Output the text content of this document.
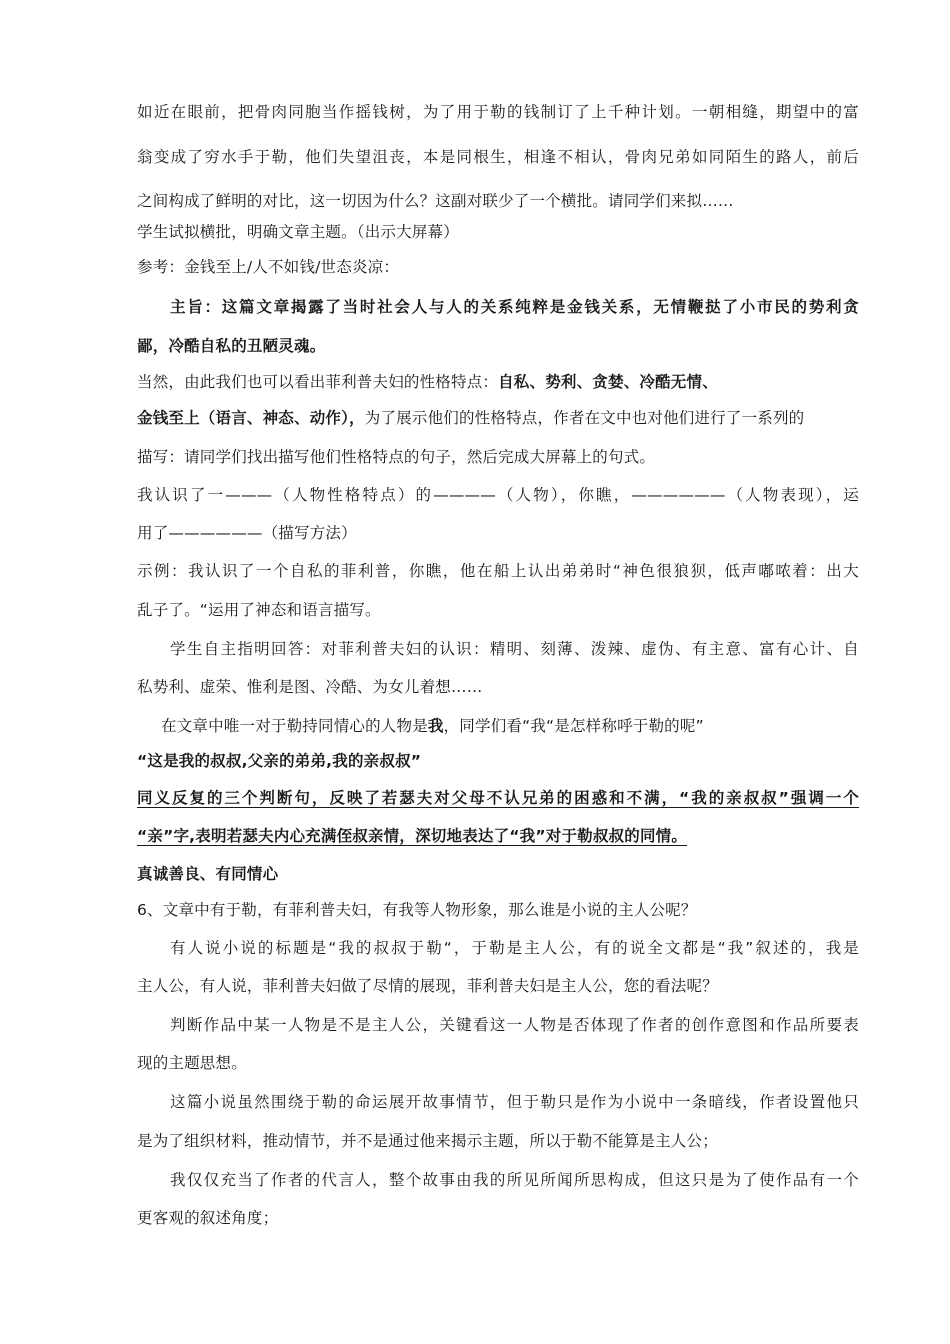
如近在眼前，把骨肉同胞当作摇钱树，为了用于勒的钱制订了上千种计划。一朝相缝，期望中的富
翁变成了穷水手于勒，他们失望沮丧，本是同根生，相逢不相认，骨肉兄弟如同陌生的路人，前后
之间构成了鲜明的对比，这一切因为什么？这副对联少了一个横批。请同学们来拟……
学生试拟横批，明确文章主题。（出示大屏幕）
参考：金钱至上/人不如钱/世态炎凉：
主旨：这篇文章揭露了当时社会人与人的关系纯粹是金钱关系，无情鞭挞了小市民的势利贪
鄙，冷酷自私的丑陋灵魂。
当然，由此我们也可以看出菲利普夫妇的性格特点：自私、势利、贪婪、冷酷无情、
金钱至上（语言、神态、动作），为了展示他们的性格特点，作者在文中也对他们进行了一系列的
描写：请同学们找出描写他们性格特点的句子，然后完成大屏幕上的句式。
我认识了一———（人物性格特点）的————（人物），你瞧，——————（人物表现），运
用了——————（描写方法）
示例：我认识了一个自私的菲利普，你瞧，他在船上认出弟弟时“神色很狼狈，低声嘟哝着：出大
乱子了。“运用了神态和语言描写。
学生自主指明回答：对菲利普夫妇的认识：精明、刻薄、泼辣、虚伪、有主意、富有心计、自
私势利、虚荣、惟利是图、冷酷、为女儿着想……
在文章中唯一对于勒持同情心的人物是我，同学们看“我“是怎样称呼于勒的呢”
“这是我的叔叔,父亲的弟弟,我的亲叔叔”
同义反复的三个判断句，反映了若瑟夫对父母不认兄弟的困惑和不满，“我的亲叔叔”强调一个
“亲”字,表明若瑟夫内心充满侄叔亲情，深切地表达了“我”对于勒叔叔的同情。
真诚善良、有同情心
6、文章中有于勒，有菲利普夫妇，有我等人物形象，那么谁是小说的主人公呢？
有人说小说的标题是“我的叔叔于勒“，于勒是主人公，有的说全文都是“我”叙述的，我是
主人公，有人说，菲利普夫妇做了尽情的展现，菲利普夫妇是主人公，您的看法呢？
判断作品中某一人物是不是主人公，关键看这一人物是否体现了作者的创作意图和作品所要表
现的主题思想。
这篇小说虽然围绕于勒的命运展开故事情节，但于勒只是作为小说中一条暗线，作者设置他只
是为了组织材料，推动情节，并不是通过他来揭示主题，所以于勒不能算是主人公；
我仅仅充当了作者的代言人，整个故事由我的所见所闻所思构成，但这只是为了使作品有一个
更客观的叙述角度；
